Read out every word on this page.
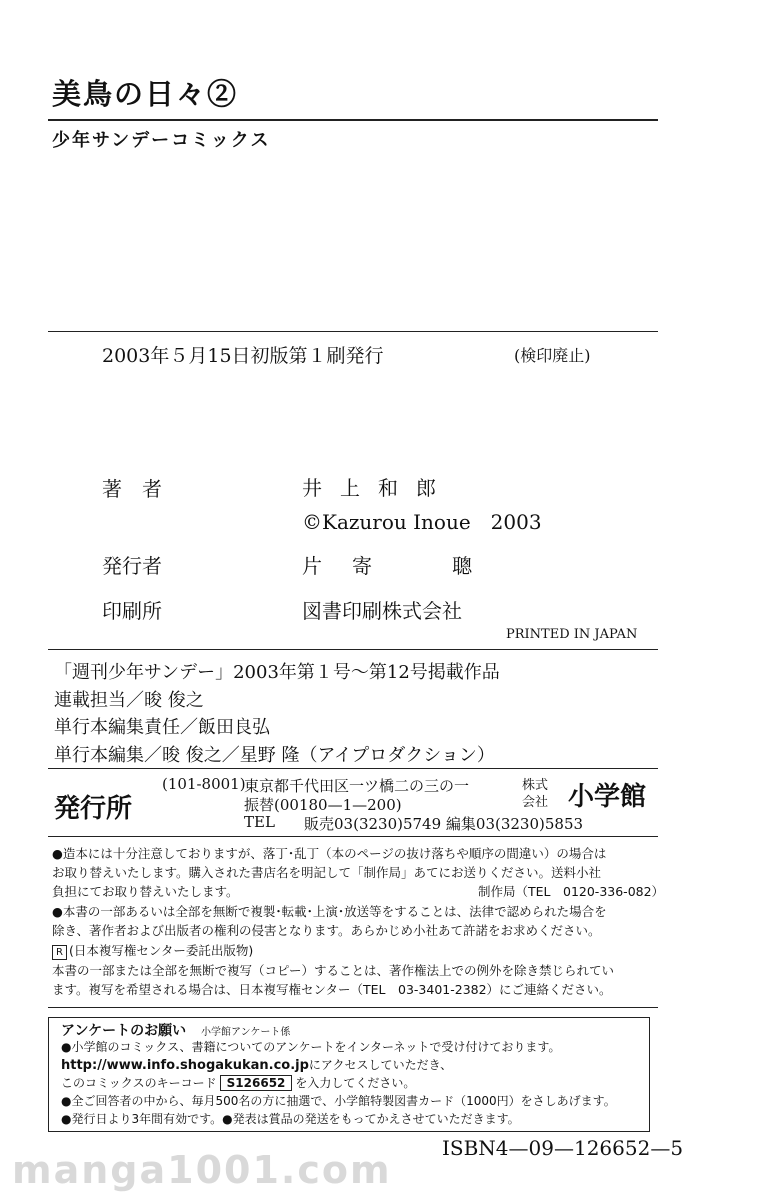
美鳥の日々②
少年サンデーコミックス
2003年５月15日初版第１刷発行	(検印廃止)
著　者	井上和郎
©Kazurou Inoue　2003
発行者	片寄　聰
印刷所	図書印刷株式会社
PRINTED IN JAPAN
「週刊少年サンデー」2003年第１号〜第12号掲載作品
連載担当／晙 俊之
単行本編集責任／飯田良弘
単行本編集／晙 俊之／星野 隆（アイプロダクション）
発行所
(101-8001)
東京都千代田区一ツ橋二の三の一	株式
会社 小学館
振替(00180—1—200)
TEL 販売03(3230)5749 編集03(3230)5853
●造本には十分注意しておりますが、落丁･乱丁（本のページの抜け落ちや順序の間違い）の場合は
お取り替えいたします。購入された書店名を明記して「制作局」あてにお送りください。送料小社
負担にてお取り替えいたします。	制作局（TEL　0120-336-082）
●本書の一部あるいは全部を無断で複製･転載･上演･放送等をすることは、法律で認められた場合を
除き、著作者および出版者の権利の侵害となります。あらかじめ小社あて許諾をお求めください。
R (日本複写権センター委託出版物)
本書の一部または全部を無断で複写（コピー）することは、著作権法上での例外を除き禁じられてい
ます。複写を希望される場合は、日本複写権センター（TEL　03-3401-2382）にご連絡ください。
アンケートのお願い 小学館アンケート係
●小学館のコミックス、書籍についてのアンケートをインターネットで受け付けております。
http://www.info.shogakukan.co.jpにアクセスしていただき、
このコミックスのキーコード S126652 を入力してください。
●全ご回答者の中から、毎月500名の方に抽選で、小学館特製図書カード（1000円）をさしあげます。
●発行日より3年間有効です。●発表は賞品の発送をもってかえさせていただきます。
ISBN4—09—126652—5
manga1001.com
